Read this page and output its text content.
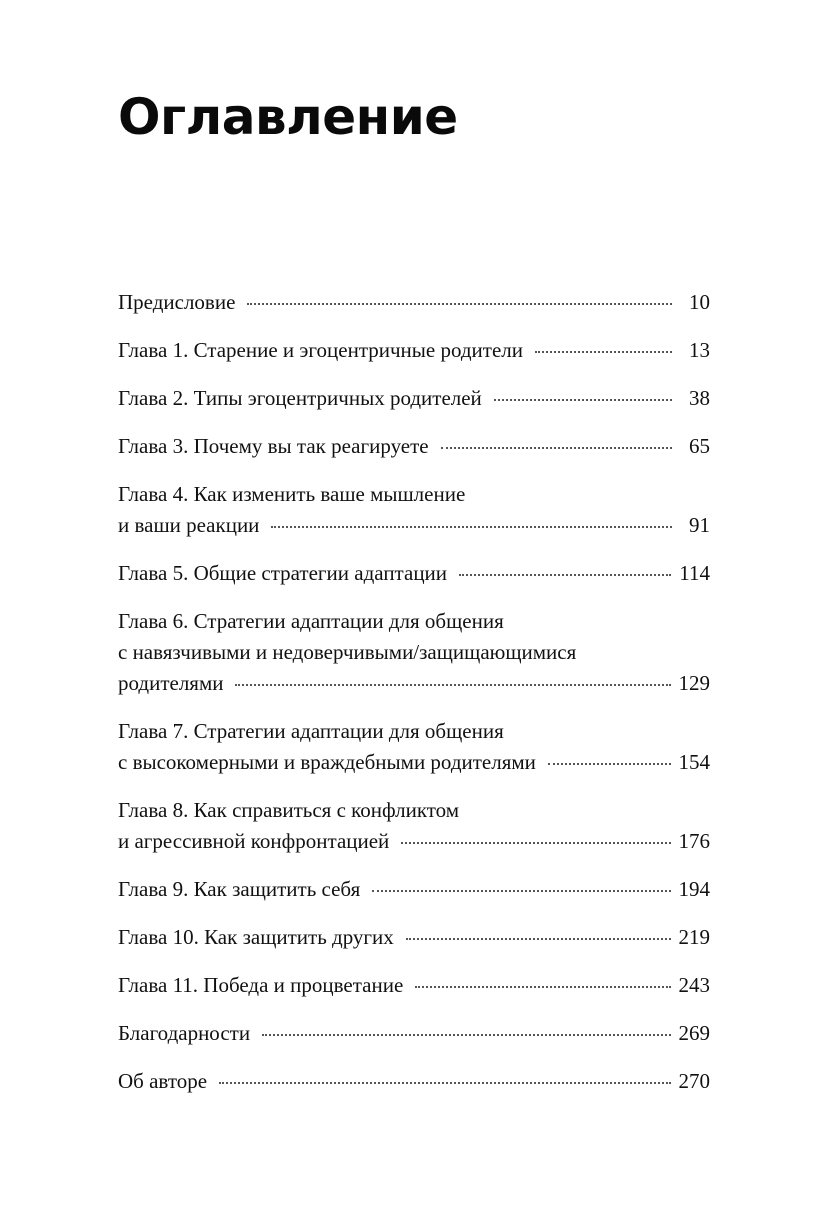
Оглавление
Предисловие	10
Глава 1. Старение и эгоцентричные родители	13
Глава 2. Типы эгоцентричных родителей	38
Глава 3. Почему вы так реагируете	65
Глава 4. Как изменить ваше мышление
и ваши реакции	91
Глава 5. Общие стратегии адаптации	114
Глава 6. Стратегии адаптации для общения
с навязчивыми и недоверчивыми/защищающимися
родителями	129
Глава 7. Стратегии адаптации для общения
с высокомерными и враждебными родителями	154
Глава 8. Как справиться с конфликтом
и агрессивной конфронтацией	176
Глава 9. Как защитить себя	194
Глава 10. Как защитить других	219
Глава 11. Победа и процветание	243
Благодарности	269
Об авторе	270
